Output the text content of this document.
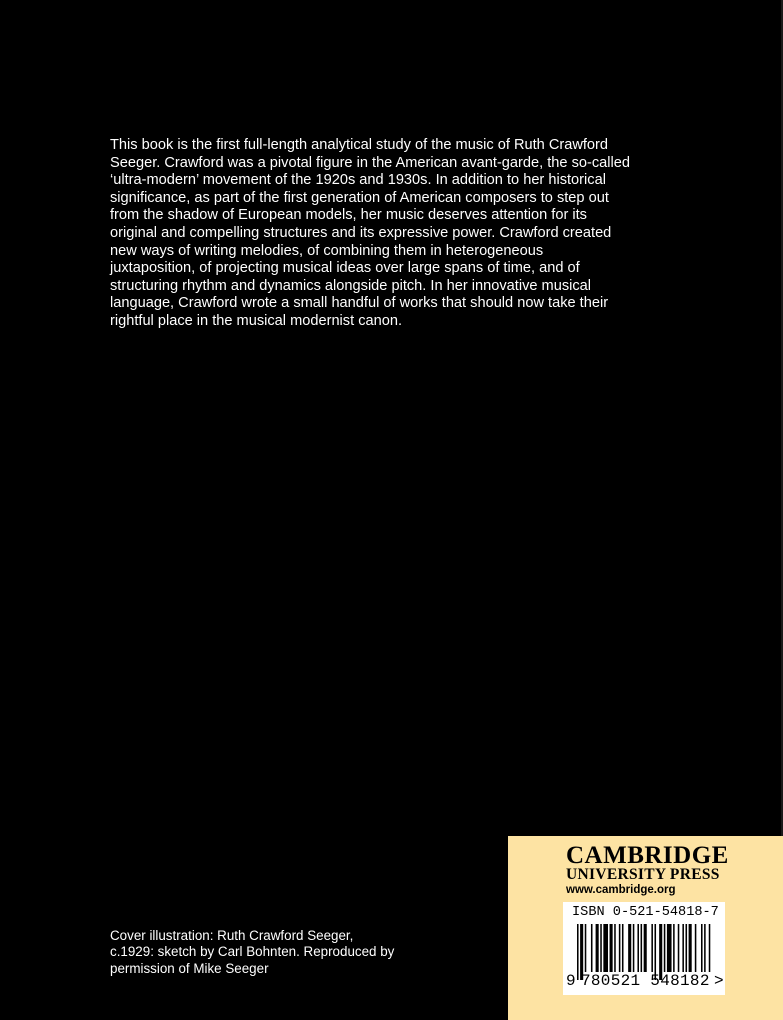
This book is the first full-length analytical study of the music of Ruth Crawford Seeger. Crawford was a pivotal figure in the American avant-garde, the so-called ‘ultra-modern’ movement of the 1920s and 1930s. In addition to her historical significance, as part of the first generation of American composers to step out from the shadow of European models, her music deserves attention for its original and compelling structures and its expressive power. Crawford created new ways of writing melodies, of combining them in heterogeneous juxtaposition, of projecting musical ideas over large spans of time, and of structuring rhythm and dynamics alongside pitch. In her innovative musical language, Crawford wrote a small handful of works that should now take their rightful place in the musical modernist canon.

Cover illustration: Ruth Crawford Seeger, c.1929: sketch by Carl Bohnten. Reproduced by permission of Mike Seeger

CAMBRIDGE
UNIVERSITY PRESS
www.cambridge.org
ISBN 0-521-54818-7
9 780521 548182 >
